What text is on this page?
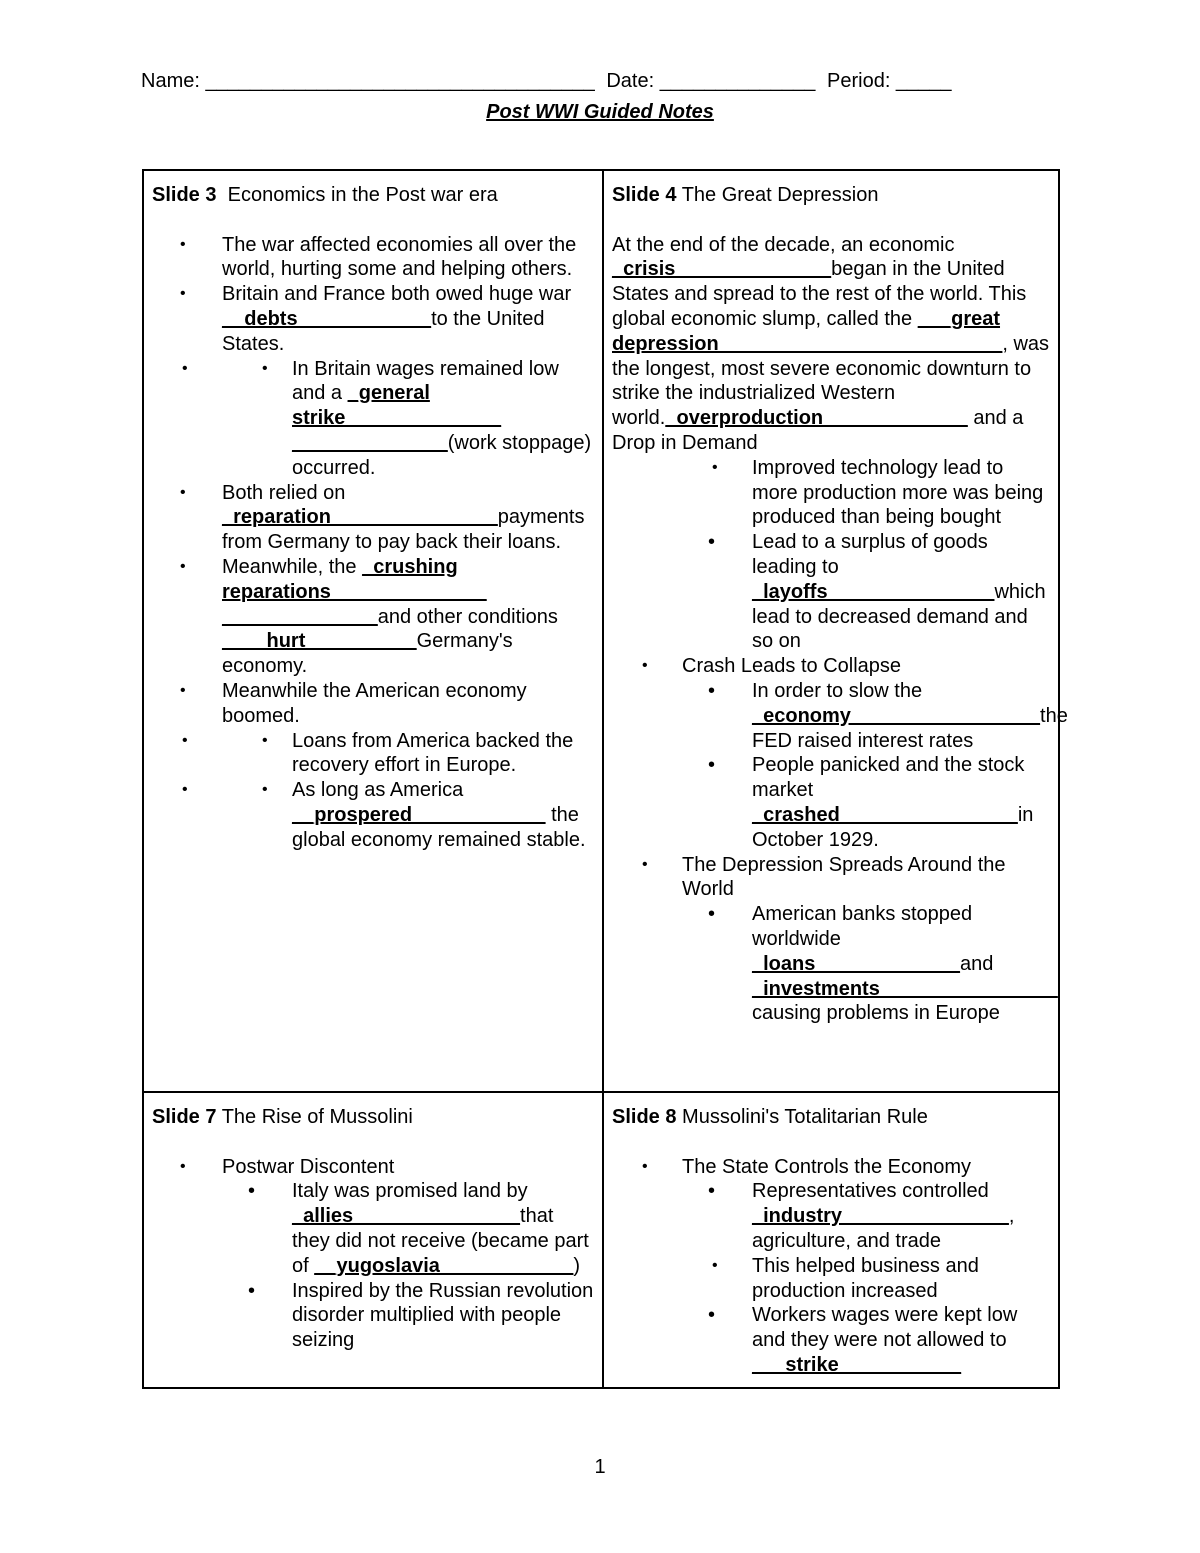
Name: ___________________________________ Date: ______________ Period: _____
Post WWI Guided Notes
Slide 3 Economics in the Post war era
• The war affected economies all over the world, hurting some and helping others.
• Britain and France both owed huge war __debts____________to the United States.
• • In Britain wages remained low and a _general strike______________ ______________(work stoppage) occurred.
• Both relied on _reparation_______________payments from Germany to pay back their loans.
• Meanwhile, the _crushing reparations______________ ______________and other conditions ____hurt__________Germany's economy.
• Meanwhile the American economy boomed.
• • Loans from America backed the recovery effort in Europe.
• • As long as America __prospered____________ the global economy remained stable.
Slide 4 The Great Depression

At the end of the decade, an economic _crisis______________began in the United States and spread to the rest of the world. This global economic slump, called the ___great depression___________ ______________, was the longest, most severe economic downturn to strike the industrialized Western world._overproduction_____________ and a Drop in Demand

• Improved technology lead to more production more was being produced than being bought
• Lead to a surplus of goods leading to _layoffs_______________which lead to decreased demand and so on
• Crash Leads to Collapse
• In order to slow the _economy_________________the FED raised interest rates
• People panicked and the stock market _crashed________________in October 1929.
• The Depression Spreads Around the World
• American banks stopped worldwide _loans_____________and _investments________________ causing problems in Europe
Slide 7 The Rise of Mussolini
• Postwar Discontent
• Italy was promised land by _allies_______________that they did not receive (became part of __yugoslavia____________)
• Inspired by the Russian revolution disorder multiplied with people seizing
Slide 8 Mussolini's Totalitarian Rule
• The State Controls the Economy
• Representatives controlled _industry_______________, agriculture, and trade
• This helped business and production increased
• Workers wages were kept low and they were not allowed to ___strike___________
1
